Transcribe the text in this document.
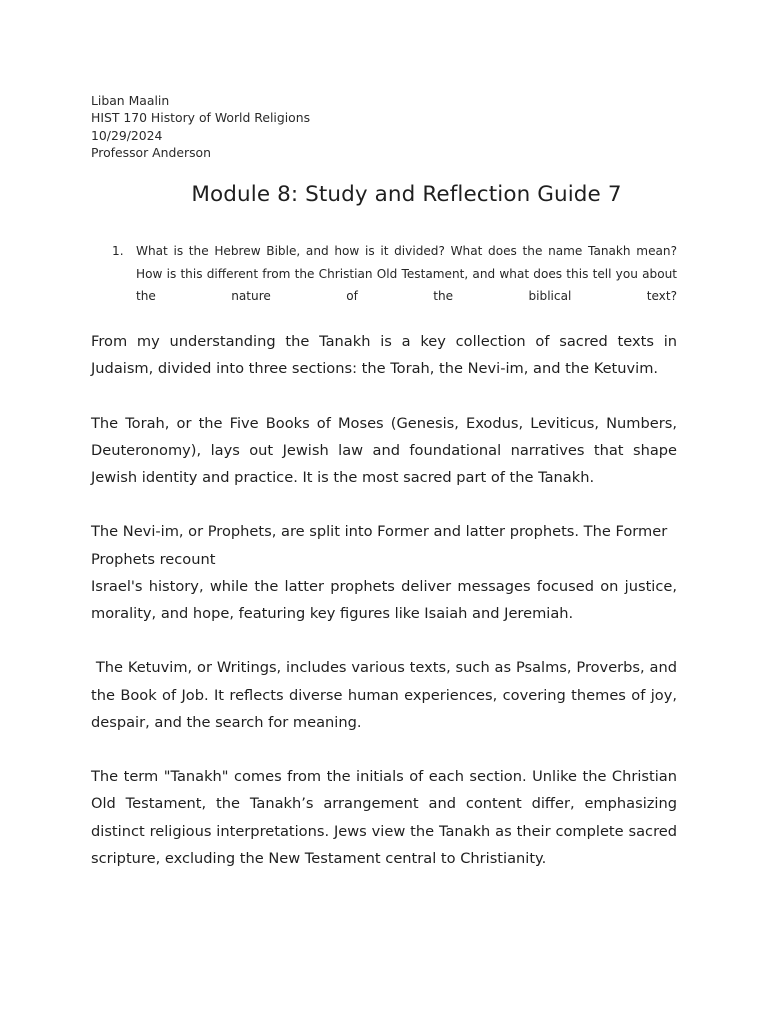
Liban Maalin
HIST 170 History of World Religions
10/29/2024
Professor Anderson
Module 8: Study and Reflection Guide 7
1. What is the Hebrew Bible, and how is it divided? What does the name Tanakh mean? How is this different from the Christian Old Testament, and what does this tell you about the nature of the biblical text?

From my understanding the Tanakh is a key collection of sacred texts in Judaism, divided into three sections: the Torah, the Nevi-im, and the Ketuvim.

The Torah, or the Five Books of Moses (Genesis, Exodus, Leviticus, Numbers, Deuteronomy), lays out Jewish law and foundational narratives that shape Jewish identity and practice. It is the most sacred part of the Tanakh.

The Nevi-im, or Prophets, are split into Former and latter prophets. The Former Prophets recount
Israel's history, while the latter prophets deliver messages focused on justice, morality, and hope, featuring key figures like Isaiah and Jeremiah.

The Ketuvim, or Writings, includes various texts, such as Psalms, Proverbs, and the Book of Job. It reflects diverse human experiences, covering themes of joy, despair, and the search for meaning.

The term "Tanakh" comes from the initials of each section. Unlike the Christian Old Testament, the Tanakh’s arrangement and content differ, emphasizing distinct religious interpretations. Jews view the Tanakh as their complete sacred scripture, excluding the New Testament central to Christianity.
